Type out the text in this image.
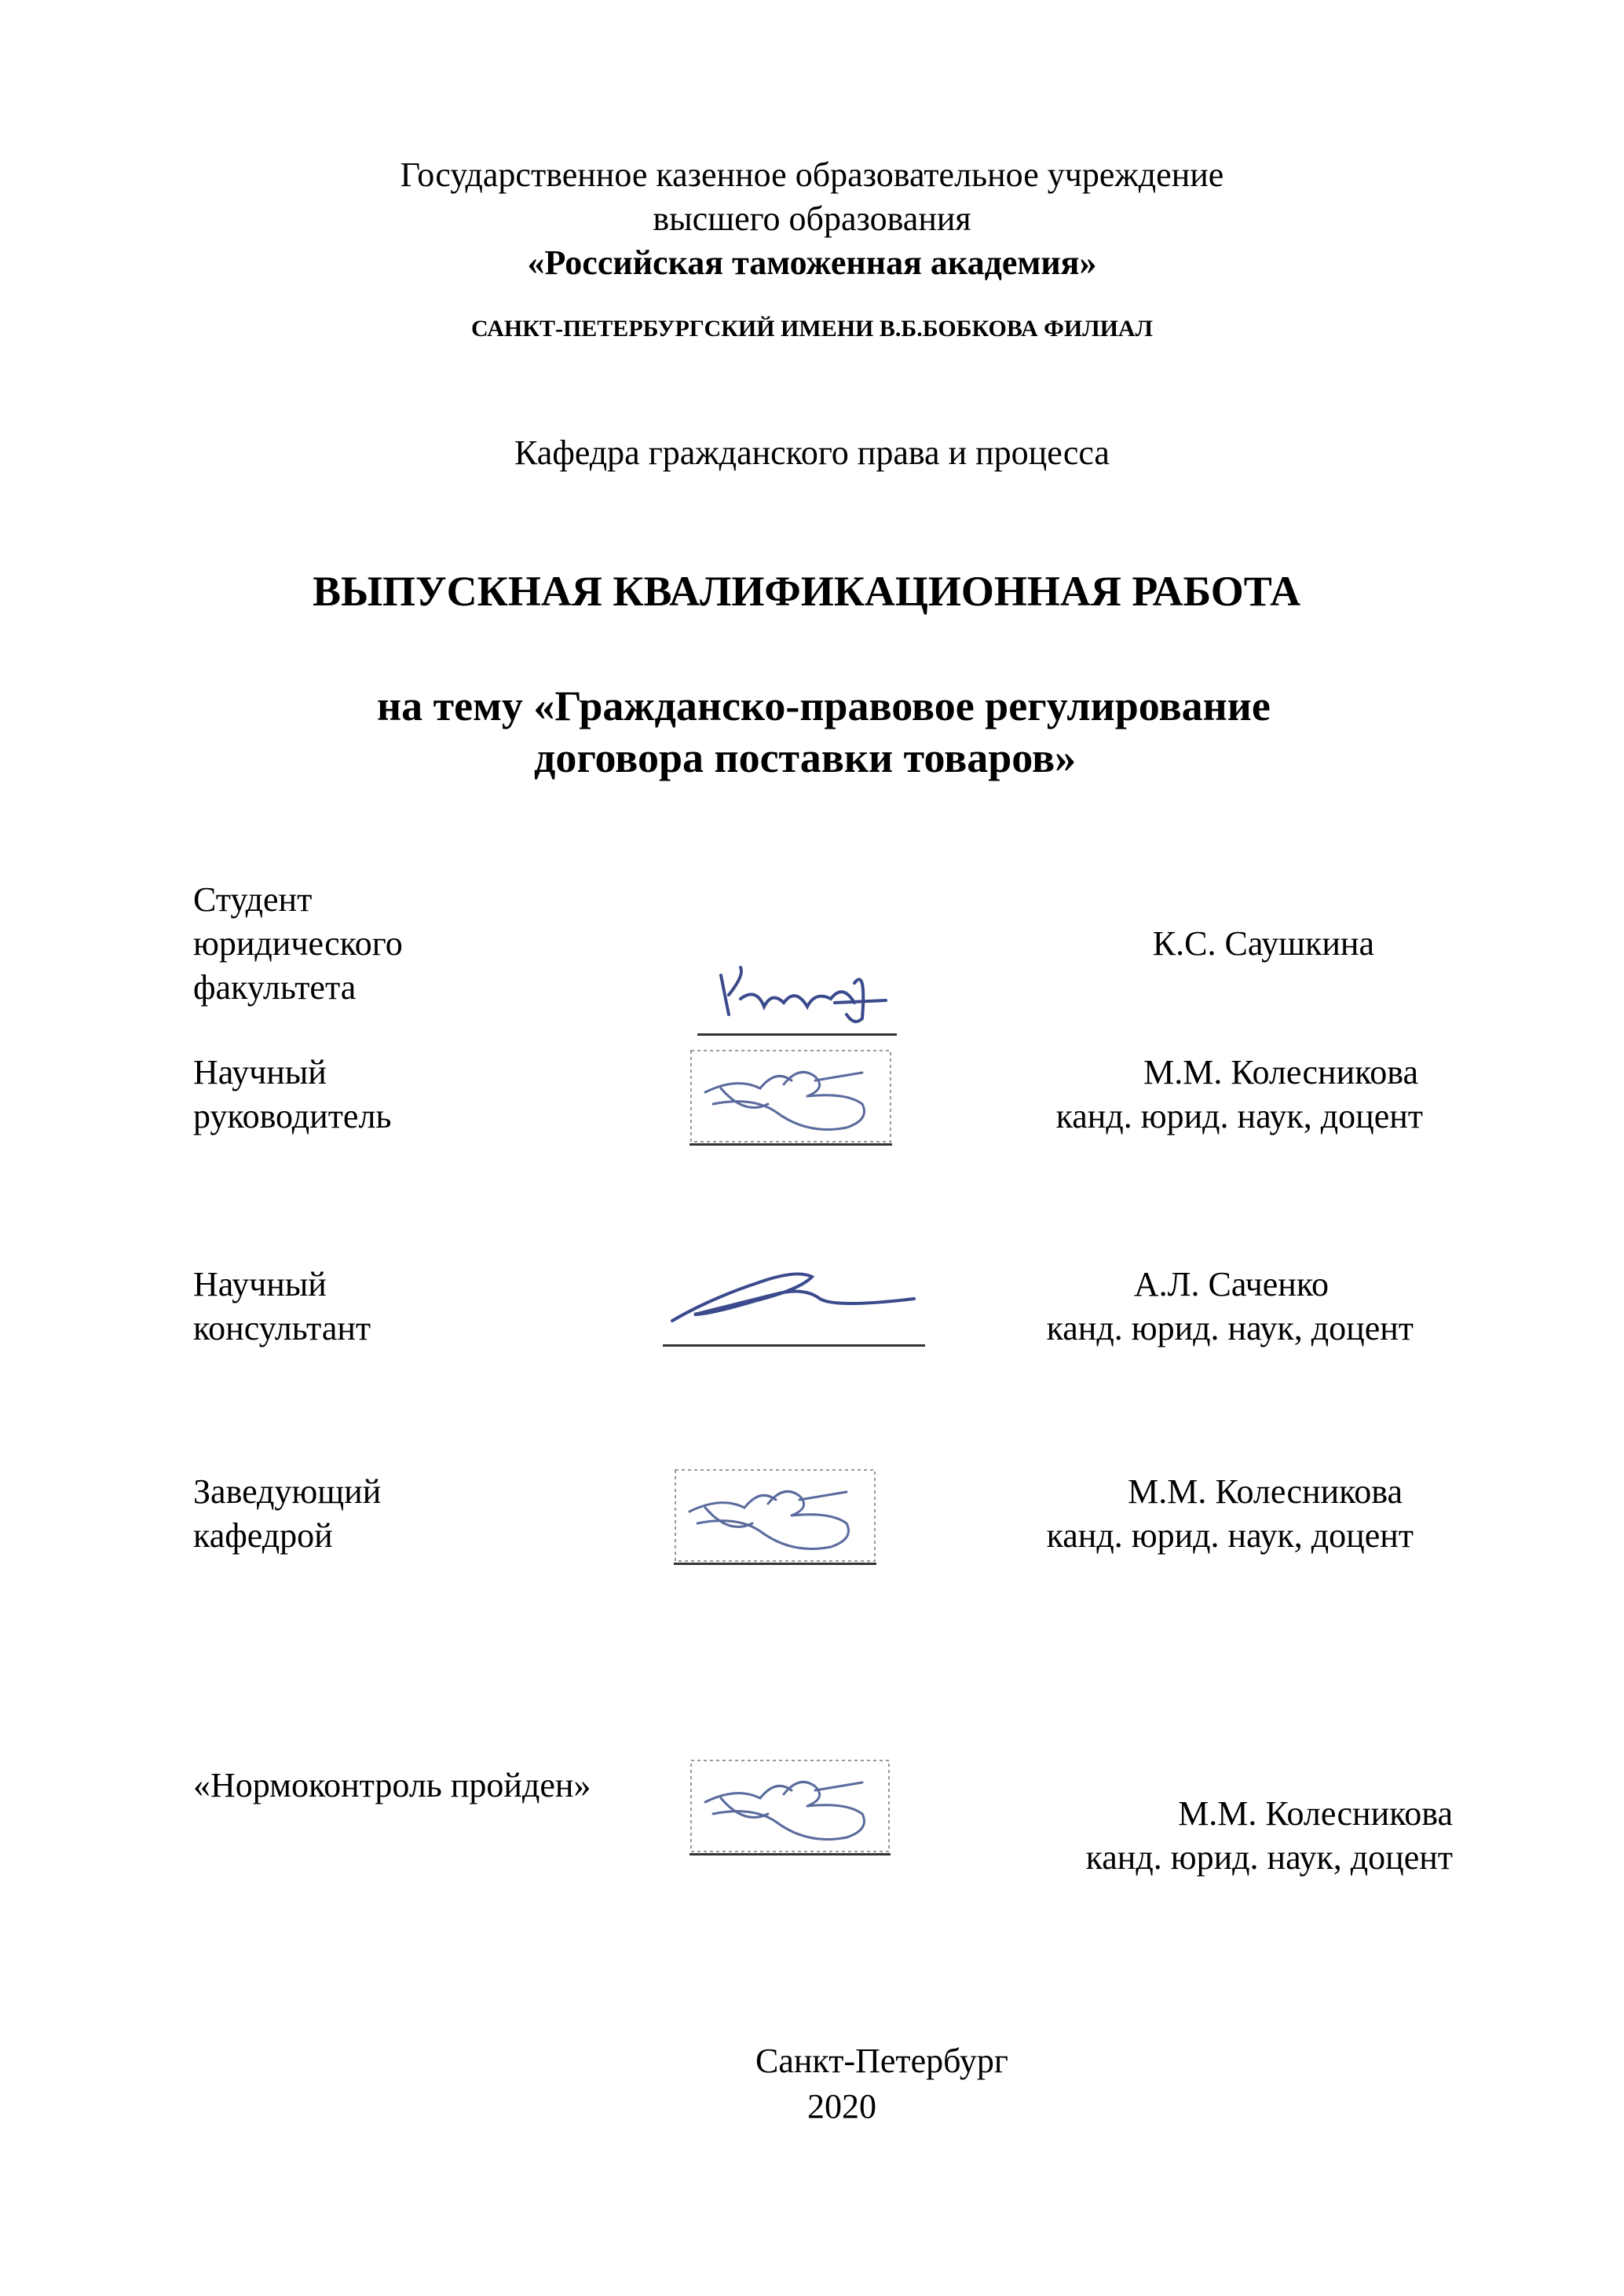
Государственное казенное образовательное учреждение
высшего образования
«Российская таможенная академия»
САНКТ-ПЕТЕРБУРГСКИЙ ИМЕНИ В.Б.БОБКОВА ФИЛИАЛ
Кафедра гражданского права и процесса
ВЫПУСКНАЯ КВАЛИФИКАЦИОННАЯ РАБОТА
на тему «Гражданско-правовое регулирование
договора поставки товаров»
Студент
юридического
факультета
К.С. Саушкина
Научный
руководитель
М.М. Колесникова
канд. юрид. наук, доцент
Научный
консультант
А.Л. Саченко
канд. юрид. наук, доцент
Заведующий
кафедрой
М.М. Колесникова
канд. юрид. наук, доцент
«Нормоконтроль пройден»
М.М. Колесникова
канд. юрид. наук, доцент
Санкт-Петербург
2020
